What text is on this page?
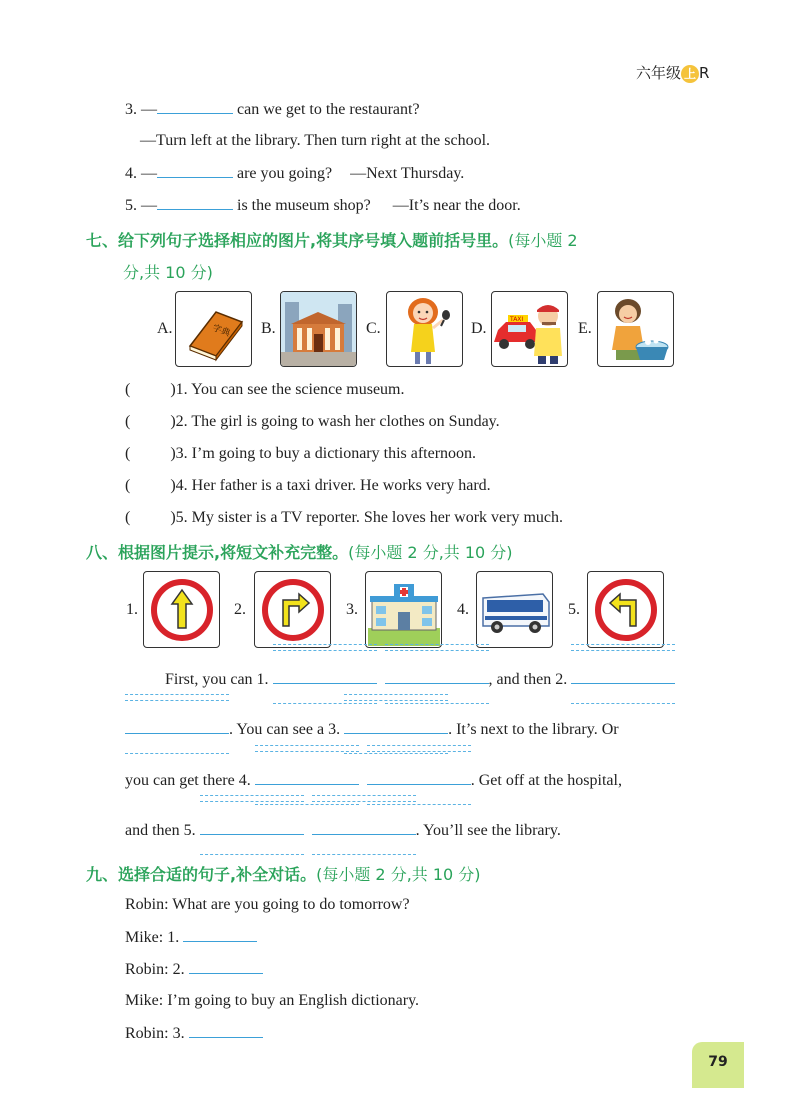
六年级 上 R
3. —	can we get to the restaurant?
—Turn left at the library. Then turn right at the school.
4. —	are you going? —Next Thursday.
5. —	is the museum shop? —It’s near the door.
七、给下列句子选择相应的图片,将其序号填入题前括号里。(每小题 2
分,共 10 分)
A.	字典 B.	C.	D.
TAXI
E.
(	)1. You can see the science museum.
(	)2. The girl is going to wash her clothes on Sunday.
(	)3. I’m going to buy a dictionary this afternoon.
(	)4. Her father is a taxi driver. He works very hard.
(	)5. My sister is a TV reporter. She loves her work very much.
八、根据图片提示,将短文补充完整。(每小题 2 分,共 10 分)
1.	2.	3.	4.	5.
First, you can 1.
	, and then 2.
. You can see a 3.	. It’s next to the library. Or
you can get there 4.
	. Get off at the hospital,
and then 5.
	. You’ll see the library.
九、选择合适的句子,补全对话。(每小题 2 分,共 10 分)
Robin: What are you going to do tomorrow?
Mike: 1.
Robin: 2.
Mike: I’m going to buy an English dictionary.
Robin: 3.
79
